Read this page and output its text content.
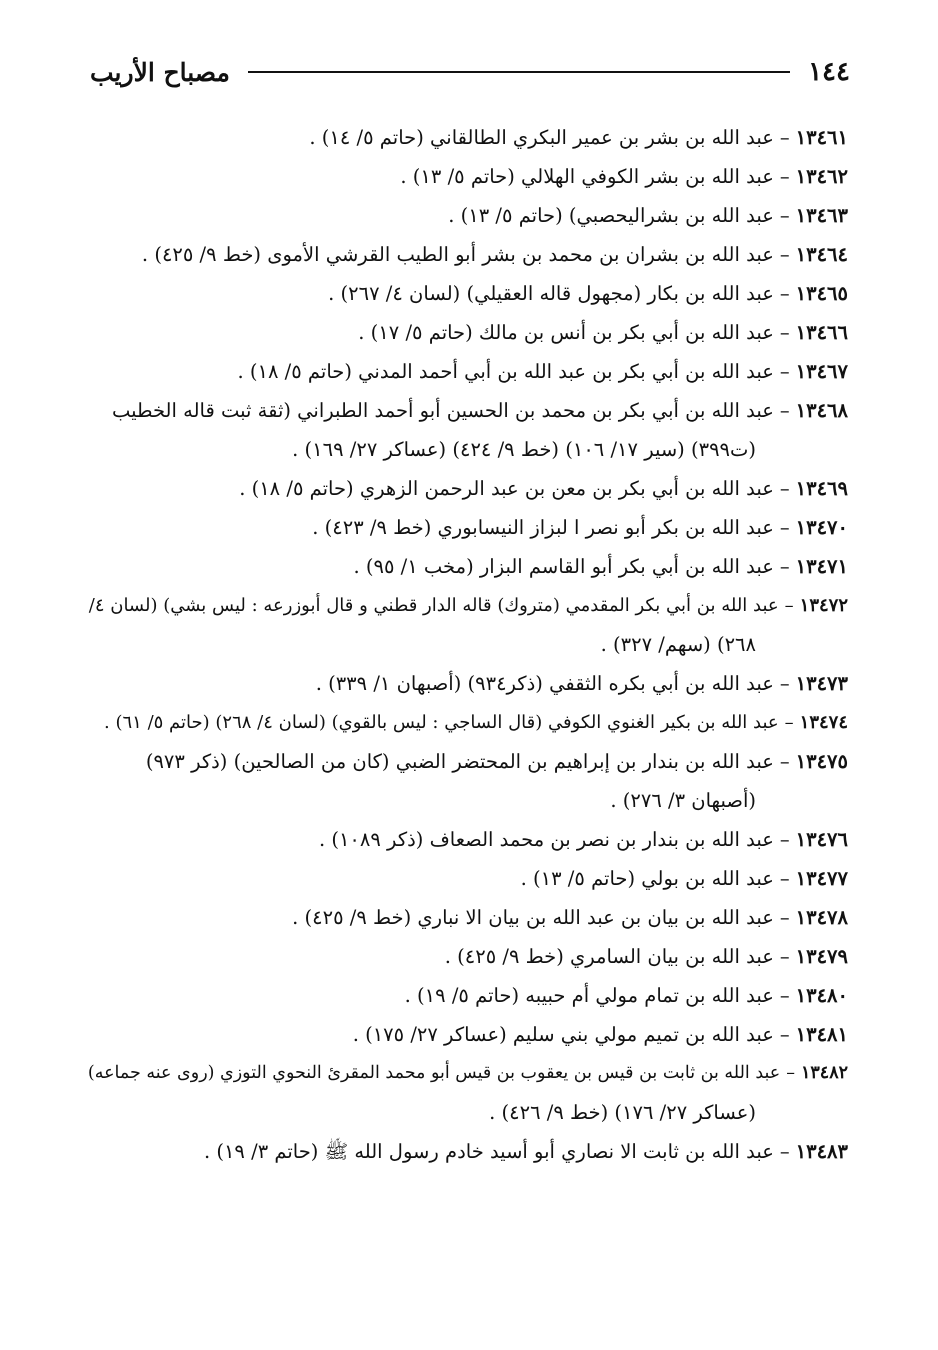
١٤٤
مصباح الأريب
١٣٤٦١–عبد الله بن بشر بن عمير البكري الطالقاني (حاتم ٥/ ١٤) .
١٣٤٦٢–عبد الله بن بشر الكوفي الهلالي (حاتم ٥/ ١٣) .
١٣٤٦٣–عبد الله بن بشراليحصبي) (حاتم ٥/ ١٣) .
١٣٤٦٤–عبد الله بن بشران بن محمد بن بشر أبو الطيب القرشي الأموى (خط ٩/ ٤٢٥) .
١٣٤٦٥–عبد الله بن بكار (مجهول قاله العقيلي) (لسان ٤/ ٢٦٧) .
١٣٤٦٦–عبد الله بن أبي بكر بن أنس بن مالك (حاتم ٥/ ١٧) .
١٣٤٦٧–عبد الله بن أبي بكر بن عبد الله بن أبي أحمد المدني (حاتم ٥/ ١٨) .
١٣٤٦٨–عبد الله بن أبي بكر بن محمد بن الحسين أبو أحمد الطبراني (ثقة ثبت قاله الخطيب
(ت٣٩٩) (سير ١٧/ ١٠٦) (خط ٩/ ٤٢٤) (عساكر ٢٧/ ١٦٩) .
١٣٤٦٩–عبد الله بن أبي بكر بن معن بن عبد الرحمن الزهري (حاتم ٥/ ١٨) .
١٣٤٧٠–عبد الله بن بكر أبو نصر ا لبزاز النيسابوري (خط ٩/ ٤٢٣) .
١٣٤٧١–عبد الله بن أبي بكر أبو القاسم البزار (مخب ١/ ٩٥) .
١٣٤٧٢–عبد الله بن أبي بكر المقدمي (متروك) قاله الدار قطني و قال أبوزرعه : ليس بشي) (لسان ٤/
٢٦٨) (سهم/ ٣٢٧) .
١٣٤٧٣–عبد الله بن أبي بكره الثقفي (ذكر٩٣٤) (أصبهان ١/ ٣٣٩) .
١٣٤٧٤–عبد الله بن بكير الغنوي الكوفي (قال الساجي : ليس بالقوي) (لسان ٤/ ٢٦٨) (حاتم ٥/ ٦١) .
١٣٤٧٥–عبد الله بن بندار بن إبراهيم بن المحتضر الضبي (كان من الصالحين) (ذكر ٩٧٣)
(أصبهان ٣/ ٢٧٦) .
١٣٤٧٦–عبد الله بن بندار بن نصر بن محمد الصعاف (ذكر ١٠٨٩) .
١٣٤٧٧–عبد الله بن بولي (حاتم ٥/ ١٣) .
١٣٤٧٨–عبد الله بن بيان بن عبد الله بن بيان الا نباري (خط ٩/ ٤٢٥) .
١٣٤٧٩–عبد الله بن بيان السامري (خط ٩/ ٤٢٥) .
١٣٤٨٠–عبد الله بن تمام مولي أم حبيبه (حاتم ٥/ ١٩) .
١٣٤٨١–عبد الله بن تميم مولي بني سليم (عساكر ٢٧/ ١٧٥) .
١٣٤٨٢–عبد الله بن ثابت بن قيس بن يعقوب بن قيس أبو محمد المقرئ النحوي التوزي (روى عنه جماعه)
(عساكر ٢٧/ ١٧٦) (خط ٩/ ٤٢٦) .
١٣٤٨٣–عبد الله بن ثابت الا نصاري أبو أسيد خادم رسول الله ﷺ (حاتم ٣/ ١٩) .
